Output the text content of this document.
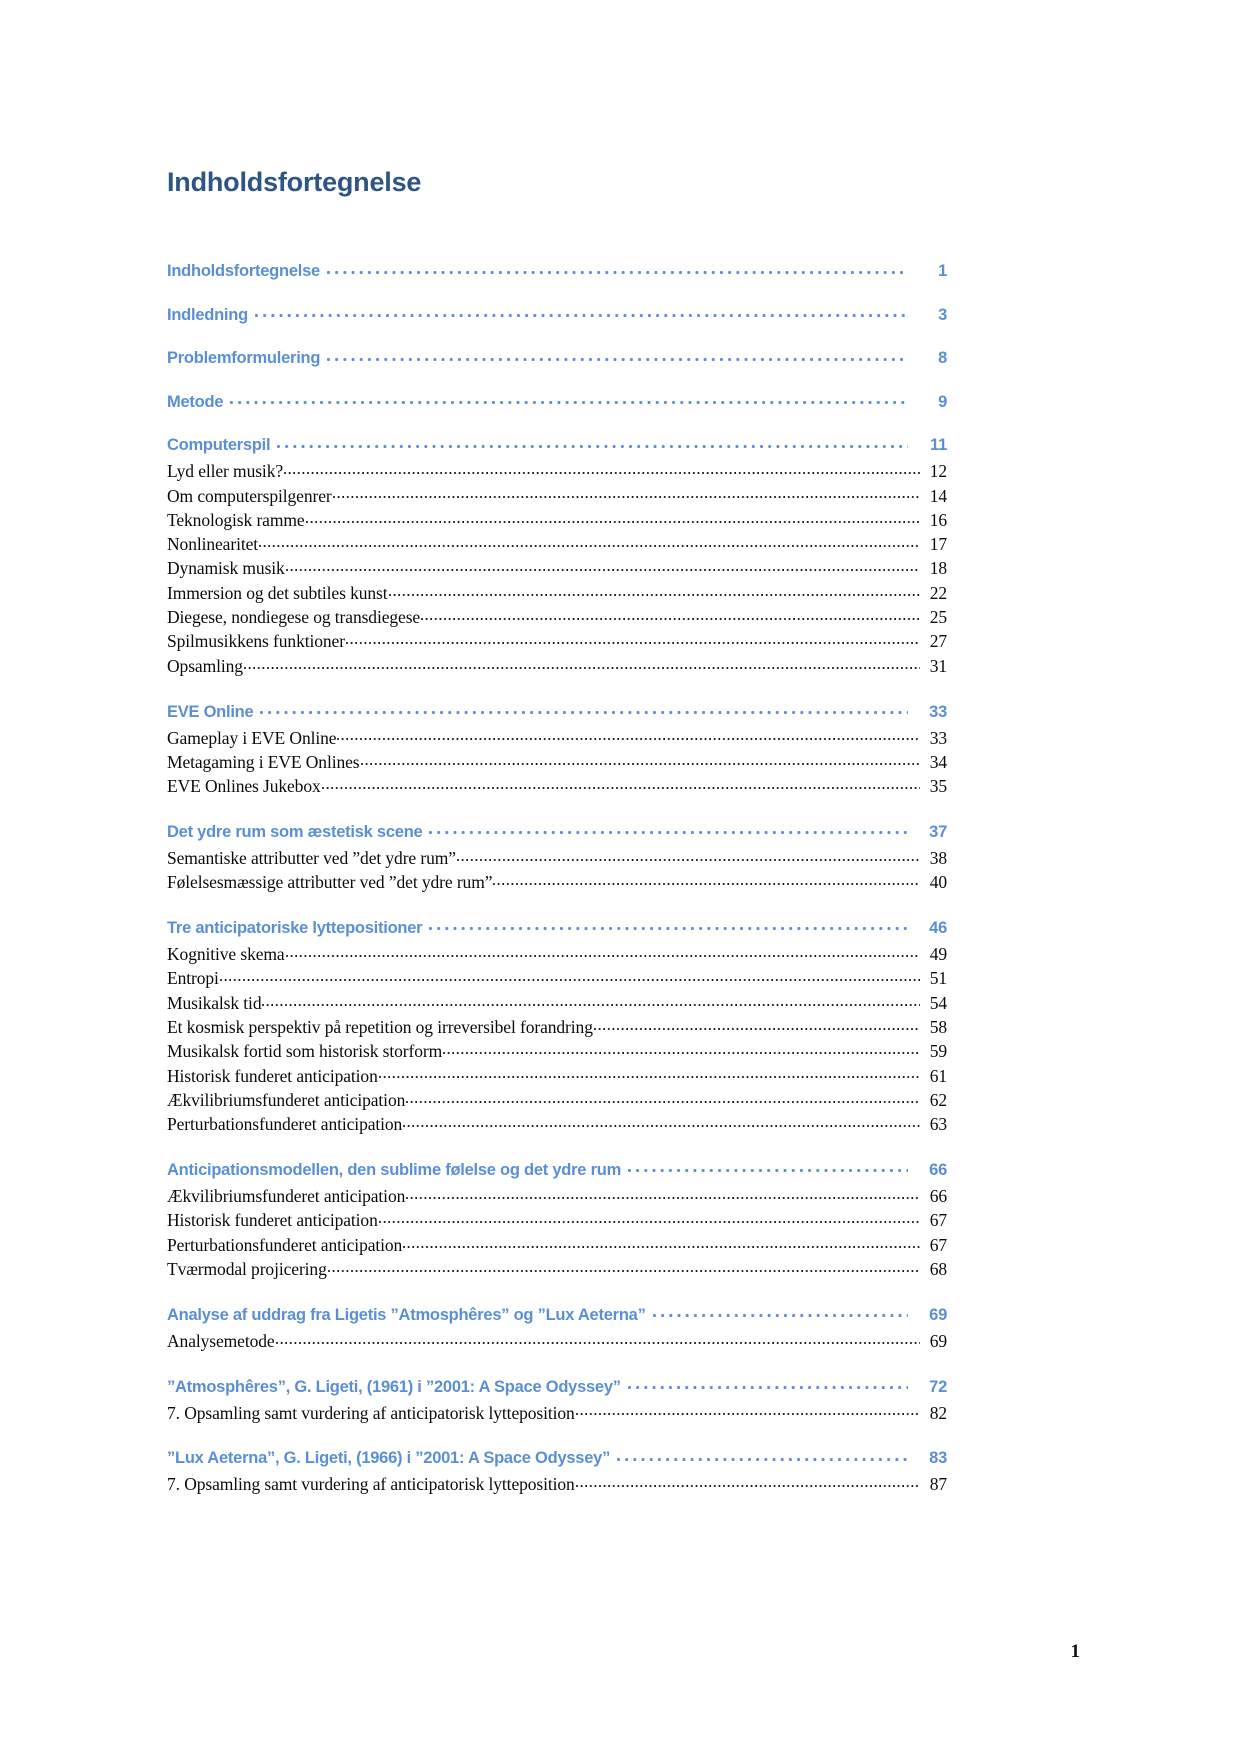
Indholdsfortegnelse
Indholdsfortegnelse	1
Indledning	3
Problemformulering	8
Metode	9
Computerspil	11
Lyd eller musik?	12
Om computerspilgenrer	14
Teknologisk ramme	16
Nonlinearitet	17
Dynamisk musik	18
Immersion og det subtiles kunst	22
Diegese, nondiegese og transdiegese	25
Spilmusikkens funktioner	27
Opsamling	31
EVE Online	33
Gameplay i EVE Online	33
Metagaming i EVE Onlines	34
EVE Onlines Jukebox	35
Det ydre rum som æstetisk scene	37
Semantiske attributter ved ”det ydre rum”	38
Følelsesmæssige attributter ved ”det ydre rum”	40
Tre anticipatoriske lyttepositioner	46
Kognitive skema	49
Entropi	51
Musikalsk tid	54
Et kosmisk perspektiv på repetition og irreversibel forandring	58
Musikalsk fortid som historisk storform	59
Historisk funderet anticipation	61
Ækvilibriumsfunderet anticipation	62
Perturbationsfunderet anticipation	63
Anticipationsmodellen, den sublime følelse og det ydre rum	66
Ækvilibriumsfunderet anticipation	66
Historisk funderet anticipation	67
Perturbationsfunderet anticipation	67
Tværmodal projicering	68
Analyse af uddrag fra Ligetis ”Atmosphêres” og ”Lux Aeterna”	69
Analysemetode	69
”Atmosphêres”, G. Ligeti, (1961) i ”2001: A Space Odyssey”	72
7. Opsamling samt vurdering af anticipatorisk lytteposition	82
”Lux Aeterna”, G. Ligeti, (1966) i ”2001: A Space Odyssey”	83
7. Opsamling samt vurdering af anticipatorisk lytteposition	87
1
